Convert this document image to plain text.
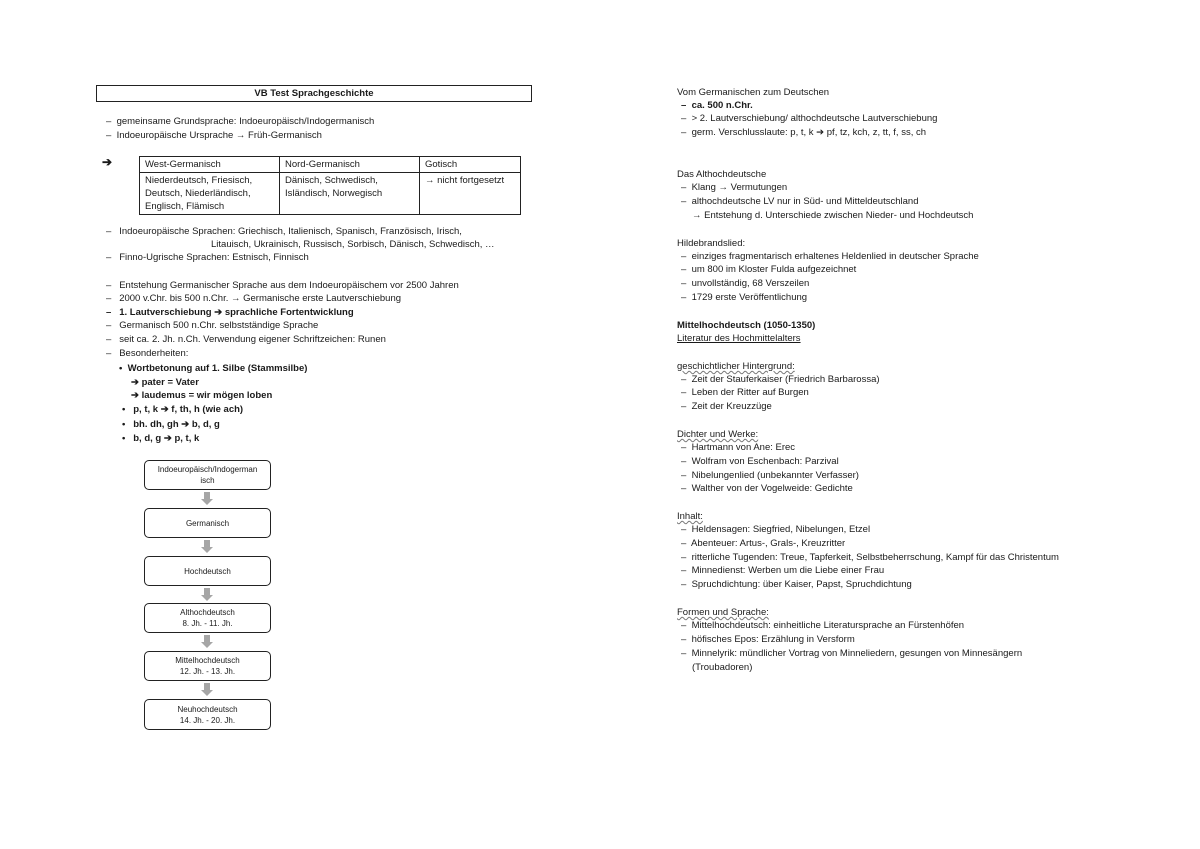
VB Test Sprachgeschichte
–  gemeinsame Grundsprache: Indoeuropäisch/Indogermanisch
–  Indoeuropäische Ursprache → Früh-Germanisch
➔	West-Germanisch	Nord-Germanisch	Gotisch
Niederdeutsch, Friesisch,
Deutsch, Niederländisch,
Englisch, Flämisch	Dänisch, Schwedisch,
Isländisch, Norwegisch	→ nicht fortgesetzt
–   Indoeuropäische Sprachen: Griechisch, Italienisch, Spanisch, Französisch, Irisch,
Litauisch, Ukrainisch, Russisch, Sorbisch, Dänisch, Schwedisch, …
–   Finno-Ugrische Sprachen: Estnisch, Finnisch
–   Entstehung Germanischer Sprache aus dem Indoeuropäischem vor 2500 Jahren
–   2000 v.Chr. bis 500 n.Chr. → Germanische erste Lautverschiebung
–   1. Lautverschiebung ➔ sprachliche Fortentwicklung
–   Germanisch 500 n.Chr. selbstständige Sprache
–   seit ca. 2. Jh. n.Ch. Verwendung eigener Schriftzeichen: Runen
–   Besonderheiten:
•  Wortbetonung auf 1. Silbe (Stammsilbe)
➔ pater = Vater
➔ laudemus = wir mögen loben
•   p, t, k ➔ f, th, h (wie ach)
•   bh. dh, gh ➔ b, d, g
•   b, d, g ➔ p, t, k
Indoeuropäisch/Indogerman
isch
Germanisch
Hochdeutsch
Althochdeutsch
8. Jh. - 11. Jh.
Mittelhochdeutsch
12. Jh. - 13. Jh.
Neuhochdeutsch
14. Jh. - 20. Jh.
Vom Germanischen zum Deutschen
–  ca. 500 n.Chr.
–  > 2. Lautverschiebung/ althochdeutsche Lautverschiebung
–  germ. Verschlusslaute: p, t, k ➔ pf, tz, kch, z, tt, f, ss, ch
Das Althochdeutsche
–  Klang → Vermutungen
–  althochdeutsche LV nur in Süd- und Mitteldeutschland
→ Entstehung d. Unterschiede zwischen Nieder- und Hochdeutsch
Hildebrandslied:
–  einziges fragmentarisch erhaltenes Heldenlied in deutscher Sprache
–  um 800 im Kloster Fulda aufgezeichnet
–  unvollständig, 68 Verszeilen
–  1729 erste Veröffentlichung
Mittelhochdeutsch (1050-1350)
Literatur des Hochmittelalters
geschichtlicher Hintergrund:
–  Zeit der Stauferkaiser (Friedrich Barbarossa)
–  Leben der Ritter auf Burgen
–  Zeit der Kreuzzüge
Dichter und Werke:
–  Hartmann von Ane: Erec
–  Wolfram von Eschenbach: Parzival
–  Nibelungenlied (unbekannter Verfasser)
–  Walther von der Vogelweide: Gedichte
Inhalt:
–  Heldensagen: Siegfried, Nibelungen, Etzel
–  Abenteuer: Artus-, Grals-, Kreuzritter
–  ritterliche Tugenden: Treue, Tapferkeit, Selbstbeherrschung, Kampf für das Christentum
–  Minnedienst: Werben um die Liebe einer Frau
–  Spruchdichtung: über Kaiser, Papst, Spruchdichtung
Formen und Sprache:
–  Mittelhochdeutsch: einheitliche Literatursprache an Fürstenhöfen
–  höfisches Epos: Erzählung in Versform
–  Minnelyrik: mündlicher Vortrag von Minneliedern, gesungen von Minnesängern
(Troubadoren)
